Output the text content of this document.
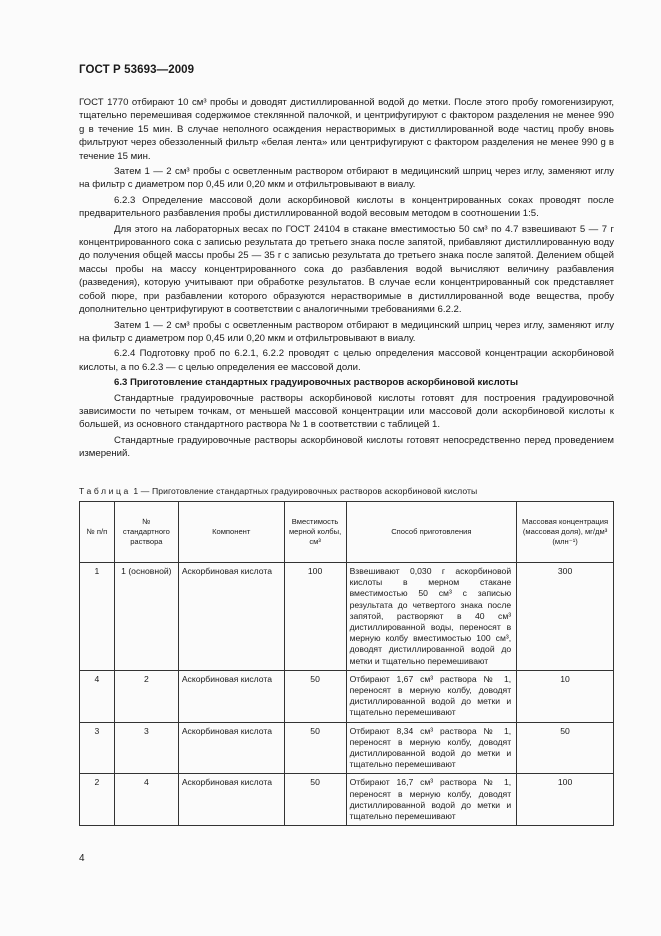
ГОСТ Р 53693—2009

ГОСТ 1770 отбирают 10 см³ пробы и доводят дистиллированной водой до метки. После этого пробу гомогенизируют, тщательно перемешивая содержимое стеклянной палочкой, и центрифугируют с фактором разделения не менее 990 g в течение 15 мин. В случае неполного осаждения нерастворимых в дистиллированной воде частиц пробу вновь фильтруют через обеззоленный фильтр «белая лента» или центрифугируют с фактором разделения не менее 990 g в течение 15 мин.

Затем 1 — 2 см³ пробы с осветленным раствором отбирают в медицинский шприц через иглу, заменяют иглу на фильтр с диаметром пор 0,45 или 0,20 мкм и отфильтровывают в виалу.

6.2.3 Определение массовой доли аскорбиновой кислоты в концентрированных соках проводят после предварительного разбавления пробы дистиллированной водой весовым методом в соотношении 1:5.

Для этого на лабораторных весах по ГОСТ 24104 в стакане вместимостью 50 см³ по 4.7 взвешивают 5 — 7 г концентрированного сока с записью результата до третьего знака после запятой, прибавляют дистиллированную воду до получения общей массы пробы 25 — 35 г с записью результата до третьего знака после запятой. Делением общей массы пробы на массу концентрированного сока до разбавления водой вычисляют величину разбавления (разведения), которую учитывают при обработке результатов. В случае если концентрированный сок представляет собой пюре, при разбавлении которого образуются нерастворимые в дистиллированной воде вещества, пробу дополнительно центрифугируют в соответствии с аналогичными требованиями 6.2.2.

Затем 1 — 2 см³ пробы с осветленным раствором отбирают в медицинский шприц через иглу, заменяют иглу на фильтр с диаметром пор 0,45 или 0,20 мкм и отфильтровывают в виалу.

6.2.4 Подготовку проб по 6.2.1, 6.2.2 проводят с целью определения массовой концентрации аскорбиновой кислоты, а по 6.2.3 — с целью определения ее массовой доли.

6.3 Приготовление стандартных градуировочных растворов аскорбиновой кислоты

Стандартные градуировочные растворы аскорбиновой кислоты готовят для построения градуировочной зависимости по четырем точкам, от меньшей массовой концентрации или массовой доли аскорбиновой кислоты к большей, из основного стандартного раствора № 1 в соответствии с таблицей 1.

Стандартные градуировочные растворы аскорбиновой кислоты готовят непосредственно перед проведением измерений.

Таблица 1 — Приготовление стандартных градуировочных растворов аскорбиновой кислоты
№ п/п	№ стандартного раствора	Компонент	Вместимость мерной колбы, см³	Способ приготовления	Массовая концентрация (массовая доля), мг/дм³ (млн⁻¹)
1	1 (основной)	Аскорбиновая кислота	100	Взвешивают 0,030 г аскорбиновой кислоты в мерном стакане вместимостью 50 см³ с записью результата до четвертого знака после запятой, растворяют в 40 см³ дистиллированной воды, переносят в мерную колбу вместимостью 100 см³, доводят дистиллированной водой до метки и тщательно перемешивают	300
4	2	Аскорбиновая кислота	50	Отбирают 1,67 см³ раствора № 1, переносят в мерную колбу, доводят дистиллированной водой до метки и тщательно перемешивают	10
3	3	Аскорбиновая кислота	50	Отбирают 8,34 см³ раствора № 1, переносят в мерную колбу, доводят дистиллированной водой до метки и тщательно перемешивают	50
2	4	Аскорбиновая кислота	50	Отбирают 16,7 см³ раствора № 1, переносят в мерную колбу, доводят дистиллированной водой до метки и тщательно перемешивают	100
4
